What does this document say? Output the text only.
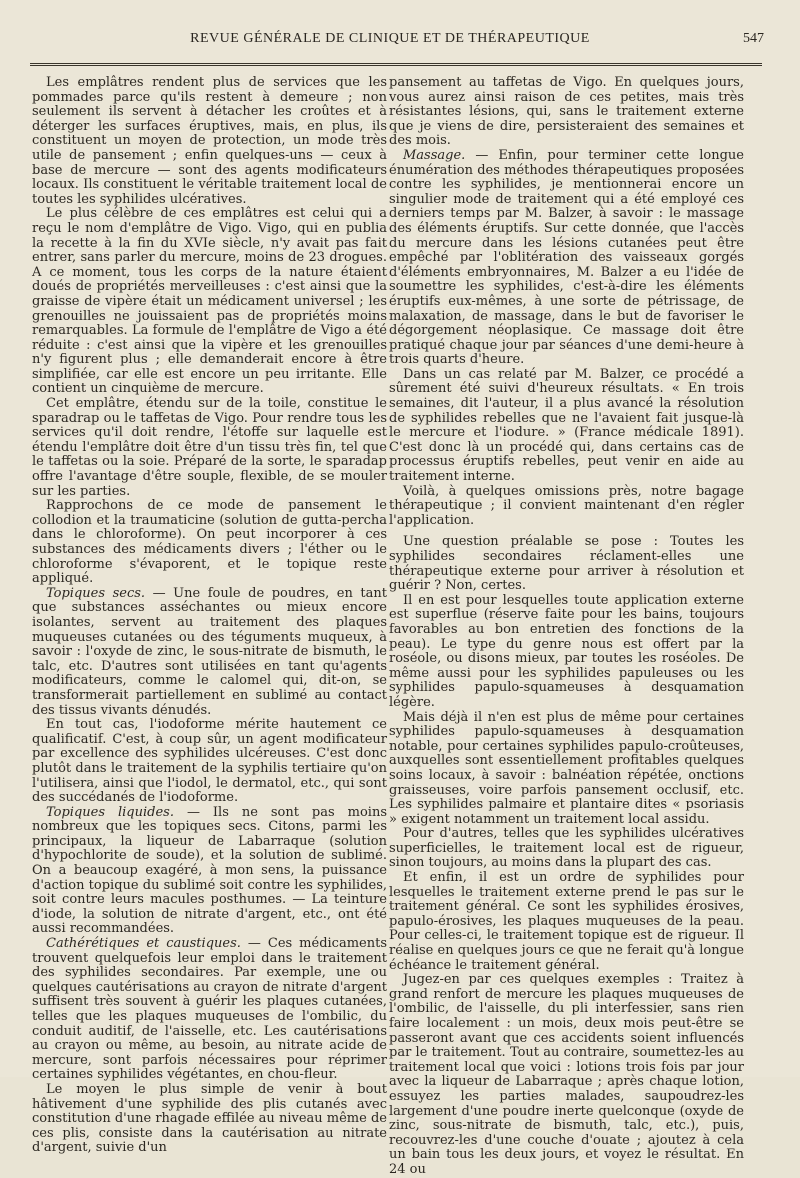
REVUE GÉNÉRALE DE CLINIQUE ET DE THÉRAPEUTIQUE	547

Les emplâtres rendent plus de services que les pommades parce qu'ils restent à demeure ; non seulement ils servent à détacher les croûtes et à déterger les surfaces éruptives, mais, en plus, ils constituent un moyen de protection, un mode très utile de pansement ; enfin quelques-uns — ceux à base de mercure — sont des agents modificateurs locaux. Ils constituent le véritable traitement local de toutes les syphilides ulcératives.

Le plus célèbre de ces emplâtres est celui qui a reçu le nom d'emplâtre de Vigo. Vigo, qui en publia la recette à la fin du XVIe siècle, n'y avait pas fait entrer, sans parler du mercure, moins de 23 drogues. A ce moment, tous les corps de la nature étaient doués de propriétés merveilleuses : c'est ainsi que la graisse de vipère était un médicament universel ; les grenouilles ne jouissaient pas de propriétés moins remarquables. La formule de l'emplâtre de Vigo a été réduite : c'est ainsi que la vipère et les grenouilles n'y figurent plus ; elle demanderait encore à être simplifiée, car elle est encore un peu irritante. Elle contient un cinquième de mercure.

Cet emplâtre, étendu sur de la toile, constitue le sparadrap ou le taffetas de Vigo. Pour rendre tous les services qu'il doit rendre, l'étoffe sur laquelle est étendu l'emplâtre doit être d'un tissu très fin, tel que le taffetas ou la soie. Préparé de la sorte, le sparadap offre l'avantage d'être souple, flexible, de se mouler sur les parties.

Rapprochons de ce mode de pansement le collodion et la traumaticine (solution de gutta-percha dans le chloroforme). On peut incorporer à ces substances des médicaments divers ; l'éther ou le chloroforme s'évaporent, et le topique reste appliqué.

Topiques secs. — Une foule de poudres, en tant que substances asséchantes ou mieux encore isolantes, servent au traitement des plaques muqueuses cutanées ou des téguments muqueux, à savoir : l'oxyde de zinc, le sous-nitrate de bismuth, le talc, etc. D'autres sont utilisées en tant qu'agents modificateurs, comme le calomel qui, dit-on, se transformerait partiellement en sublimé au contact des tissus vivants dénudés.

En tout cas, l'iodoforme mérite hautement ce qualificatif. C'est, à coup sûr, un agent modificateur par excellence des syphilides ulcéreuses. C'est donc plutôt dans le traitement de la syphilis tertiaire qu'on l'utilisera, ainsi que l'iodol, le dermatol, etc., qui sont des succédanés de l'iodoforme.

Topiques liquides. — Ils ne sont pas moins nombreux que les topiques secs. Citons, parmi les principaux, la liqueur de Labarraque (solution d'hypochlorite de soude), et la solution de sublimé. On a beaucoup exagéré, à mon sens, la puissance d'action topique du sublimé soit contre les syphilides, soit contre leurs macules posthumes. — La teinture d'iode, la solution de nitrate d'argent, etc., ont été aussi recommandées.

Cathérétiques et caustiques. — Ces médicaments trouvent quelquefois leur emploi dans le traitement des syphilides secondaires. Par exemple, une ou quelques cautérisations au crayon de nitrate d'argent suffisent très souvent à guérir les plaques cutanées, telles que les plaques muqueuses de l'ombilic, du conduit auditif, de l'aisselle, etc. Les cautérisations au crayon ou même, au besoin, au nitrate acide de mercure, sont parfois nécessaires pour réprimer certaines syphilides végétantes, en chou-fleur.

Le moyen le plus simple de venir à bout hâtivement d'une syphilide des plis cutanés avec constitution d'une rhagade effilée au niveau même de ces plis, consiste dans la cautérisation au nitrate d'argent, suivie d'un

pansement au taffetas de Vigo. En quelques jours, vous aurez ainsi raison de ces petites, mais très résistantes lésions, qui, sans le traitement externe que je viens de dire, persisteraient des semaines et des mois.

Massage. — Enfin, pour terminer cette longue énumération des méthodes thérapeutiques proposées contre les syphilides, je mentionnerai encore un singulier mode de traitement qui a été employé ces derniers temps par M. Balzer, à savoir : le massage des éléments éruptifs. Sur cette donnée, que l'accès du mercure dans les lésions cutanées peut être empêché par l'oblitération des vaisseaux gorgés d'éléments embryonnaires, M. Balzer a eu l'idée de soumettre les syphilides, c'est-à-dire les éléments éruptifs eux-mêmes, à une sorte de pétrissage, de malaxation, de massage, dans le but de favoriser le dégorgement néoplasique. Ce massage doit être pratiqué chaque jour par séances d'une demi-heure à trois quarts d'heure.

Dans un cas relaté par M. Balzer, ce procédé a sûrement été suivi d'heureux résultats. « En trois semaines, dit l'auteur, il a plus avancé la résolution de syphilides rebelles que ne l'avaient fait jusque-là le mercure et l'iodure. » (France médicale 1891). C'est donc là un procédé qui, dans certains cas de processus éruptifs rebelles, peut venir en aide au traitement interne.

Voilà, à quelques omissions près, notre bagage thérapeutique ; il convient maintenant d'en régler l'application.

Une question préalable se pose : Toutes les syphilides secondaires réclament-elles une thérapeutique externe pour arriver à résolution et guérir ? Non, certes.

Il en est pour lesquelles toute application externe est superflue (réserve faite pour les bains, toujours favorables au bon entretien des fonctions de la peau). Le type du genre nous est offert par la roséole, ou disons mieux, par toutes les roséoles. De même aussi pour les syphilides papuleuses ou les syphilides papulo-squameuses à desquamation légère.

Mais déjà il n'en est plus de même pour certaines syphilides papulo-squameuses à desquamation notable, pour certaines syphilides papulo-croûteuses, auxquelles sont essentiellement profitables quelques soins locaux, à savoir : balnéation répétée, onctions graisseuses, voire parfois pansement occlusif, etc. Les syphilides palmaire et plantaire dites « psoriasis » exigent notamment un traitement local assidu.

Pour d'autres, telles que les syphilides ulcératives superficielles, le traitement local est de rigueur, sinon toujours, au moins dans la plupart des cas.

Et enfin, il est un ordre de syphilides pour lesquelles le traitement externe prend le pas sur le traitement général. Ce sont les syphilides érosives, papulo-érosives, les plaques muqueuses de la peau. Pour celles-ci, le traitement topique est de rigueur. Il réalise en quelques jours ce que ne ferait qu'à longue échéance le traitement général.

Jugez-en par ces quelques exemples : Traitez à grand renfort de mercure les plaques muqueuses de l'ombilic, de l'aisselle, du pli interfessier, sans rien faire localement : un mois, deux mois peut-être se passeront avant que ces accidents soient influencés par le traitement. Tout au contraire, soumettez-les au traitement local que voici : lotions trois fois par jour avec la liqueur de Labarraque ; après chaque lotion, essuyez les parties malades, saupoudrez-les largement d'une poudre inerte quelconque (oxyde de zinc, sous-nitrate de bismuth, talc, etc.), puis, recouvrez-les d'une couche d'ouate ; ajoutez à cela un bain tous les deux jours, et voyez le résultat. En 24 ou
